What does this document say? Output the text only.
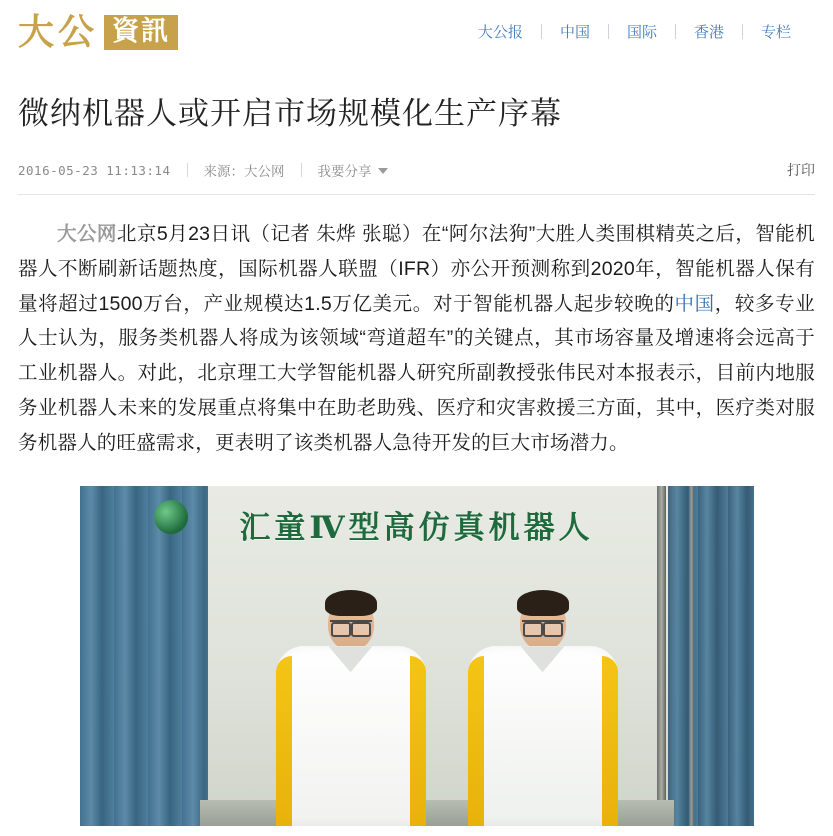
大公 資訊	大公报	中国	国际	香港	专栏
微纳机器人或开启市场规模化生产序幕
2016-05-23 11:13:14 来源：大公网 我要分享	打印

大公网北京5月23日讯（记者 朱烨 张聪）在“阿尔法狗”大胜人类围棋精英之后，智能机器人不断刷新话题热度，国际机器人联盟（IFR）亦公开预测称到2020年，智能机器人保有量将超过1500万台，产业规模达1.5万亿美元。对于智能机器人起步较晚的中国，较多专业人士认为，服务类机器人将成为该领域“弯道超车”的关键点，其市场容量及增速将会远高于工业机器人。对此，北京理工大学智能机器人研究所副教授张伟民对本报表示，目前内地服务业机器人未来的发展重点将集中在助老助残、医疗和灾害救援三方面，其中，医疗类对服务机器人的旺盛需求，更表明了该类机器人急待开发的巨大市场潜力。

汇童Ⅳ型高仿真机器人
